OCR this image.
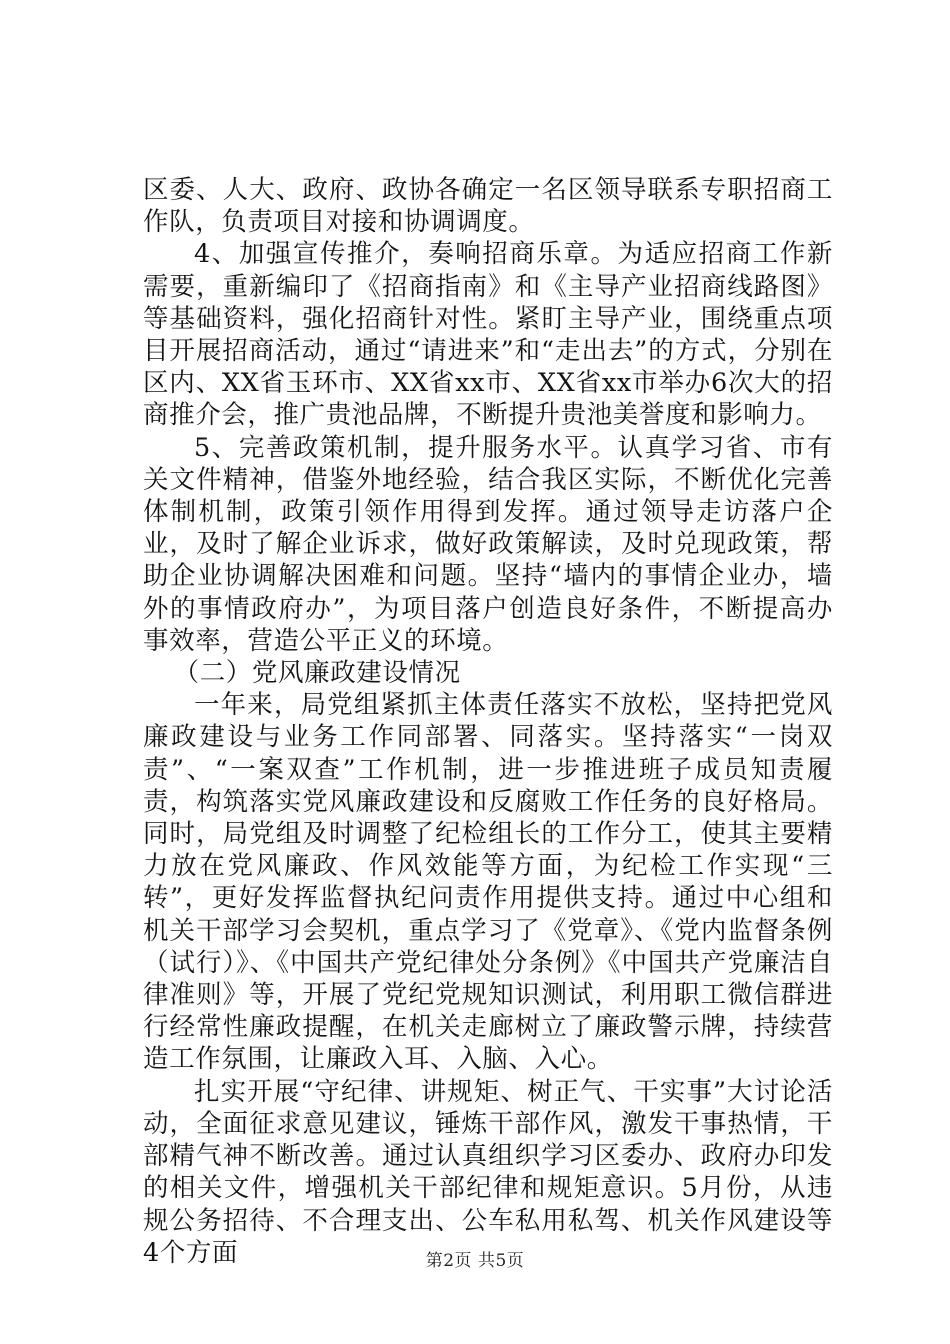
区委、人大、政府、政协各确定一名区领导联系专职招商工作队，负责项目对接和协调调度。

4、加强宣传推介，奏响招商乐章。为适应招商工作新需要，重新编印了《招商指南》和《主导产业招商线路图》等基础资料，强化招商针对性。紧盯主导产业，围绕重点项目开展招商活动，通过“请进来”和“走出去”的方式，分别在区内、XX省玉环市、XX省xx市、XX省xx市举办6次大的招商推介会，推广贵池品牌，不断提升贵池美誉度和影响力。

5、完善政策机制，提升服务水平。认真学习省、市有关文件精神，借鉴外地经验，结合我区实际，不断优化完善体制机制，政策引领作用得到发挥。通过领导走访落户企业，及时了解企业诉求，做好政策解读，及时兑现政策，帮助企业协调解决困难和问题。坚持“墙内的事情企业办，墙外的事情政府办”，为项目落户创造良好条件，不断提高办事效率，营造公平正义的环境。

（二）党风廉政建设情况

一年来，局党组紧抓主体责任落实不放松，坚持把党风廉政建设与业务工作同部署、同落实。坚持落实“一岗双责”、“一案双查”工作机制，进一步推进班子成员知责履责，构筑落实党风廉政建设和反腐败工作任务的良好格局。同时，局党组及时调整了纪检组长的工作分工，使其主要精力放在党风廉政、作风效能等方面，为纪检工作实现“三转”，更好发挥监督执纪问责作用提供支持。通过中心组和机关干部学习会契机，重点学习了《党章》、《党内监督条例（试行）》、《中国共产党纪律处分条例》《中国共产党廉洁自律准则》等，开展了党纪党规知识测试，利用职工微信群进行经常性廉政提醒，在机关走廊树立了廉政警示牌，持续营造工作氛围，让廉政入耳、入脑、入心。

扎实开展“守纪律、讲规矩、树正气、干实事”大讨论活动，全面征求意见建议，锤炼干部作风，激发干事热情，干部精气神不断改善。通过认真组织学习区委办、政府办印发的相关文件，增强机关干部纪律和规矩意识。5月份，从违规公务招待、不合理支出、公车私用私驾、机关作风建设等4个方面	第2页 共5页
